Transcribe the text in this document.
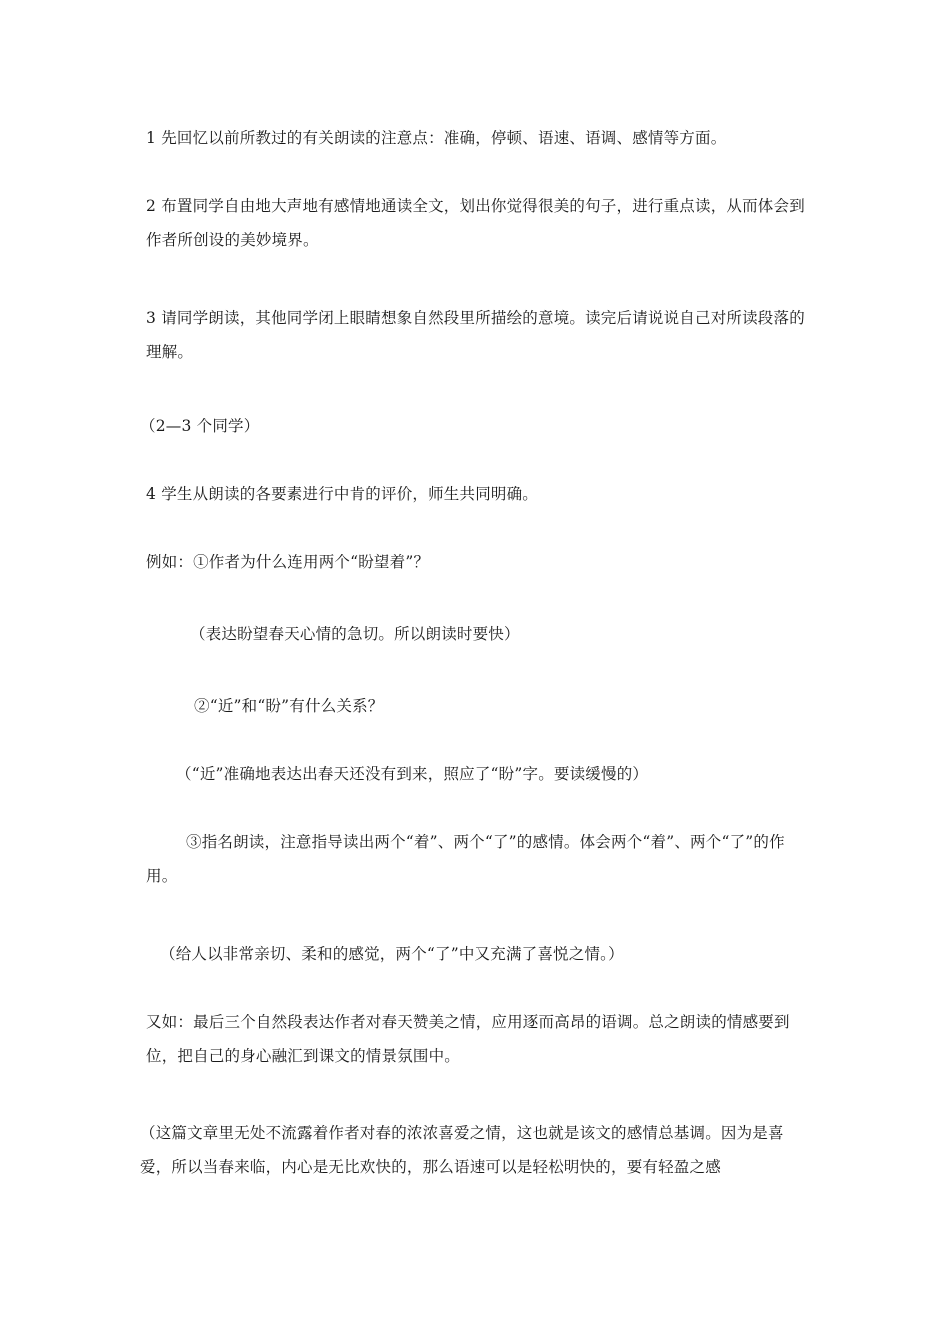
1 先回忆以前所教过的有关朗读的注意点：准确，停顿、语速、语调、感情等方面。

2 布置同学自由地大声地有感情地通读全文，划出你觉得很美的句子，进行重点读，从而体会到作者所创设的美妙境界。

3 请同学朗读，其他同学闭上眼睛想象自然段里所描绘的意境。读完后请说说自己对所读段落的理解。

（2—3 个同学）

4 学生从朗读的各要素进行中肯的评价，师生共同明确。

例如：①作者为什么连用两个“盼望着”？

（表达盼望春天心情的急切。所以朗读时要快）

②“近”和“盼”有什么关系？

（“近”准确地表达出春天还没有到来，照应了“盼”字。要读缓慢的）

③指名朗读，注意指导读出两个“着”、两个“了”的感情。体会两个“着”、两个“了”的作用。

（给人以非常亲切、柔和的感觉，两个“了”中又充满了喜悦之情。）

又如：最后三个自然段表达作者对春天赞美之情，应用逐而高昂的语调。总之朗读的情感要到位，把自己的身心融汇到课文的情景氛围中。

（这篇文章里无处不流露着作者对春的浓浓喜爱之情，这也就是该文的感情总基调。因为是喜爱，所以当春来临，内心是无比欢快的，那么语速可以是轻松明快的，要有轻盈之感
